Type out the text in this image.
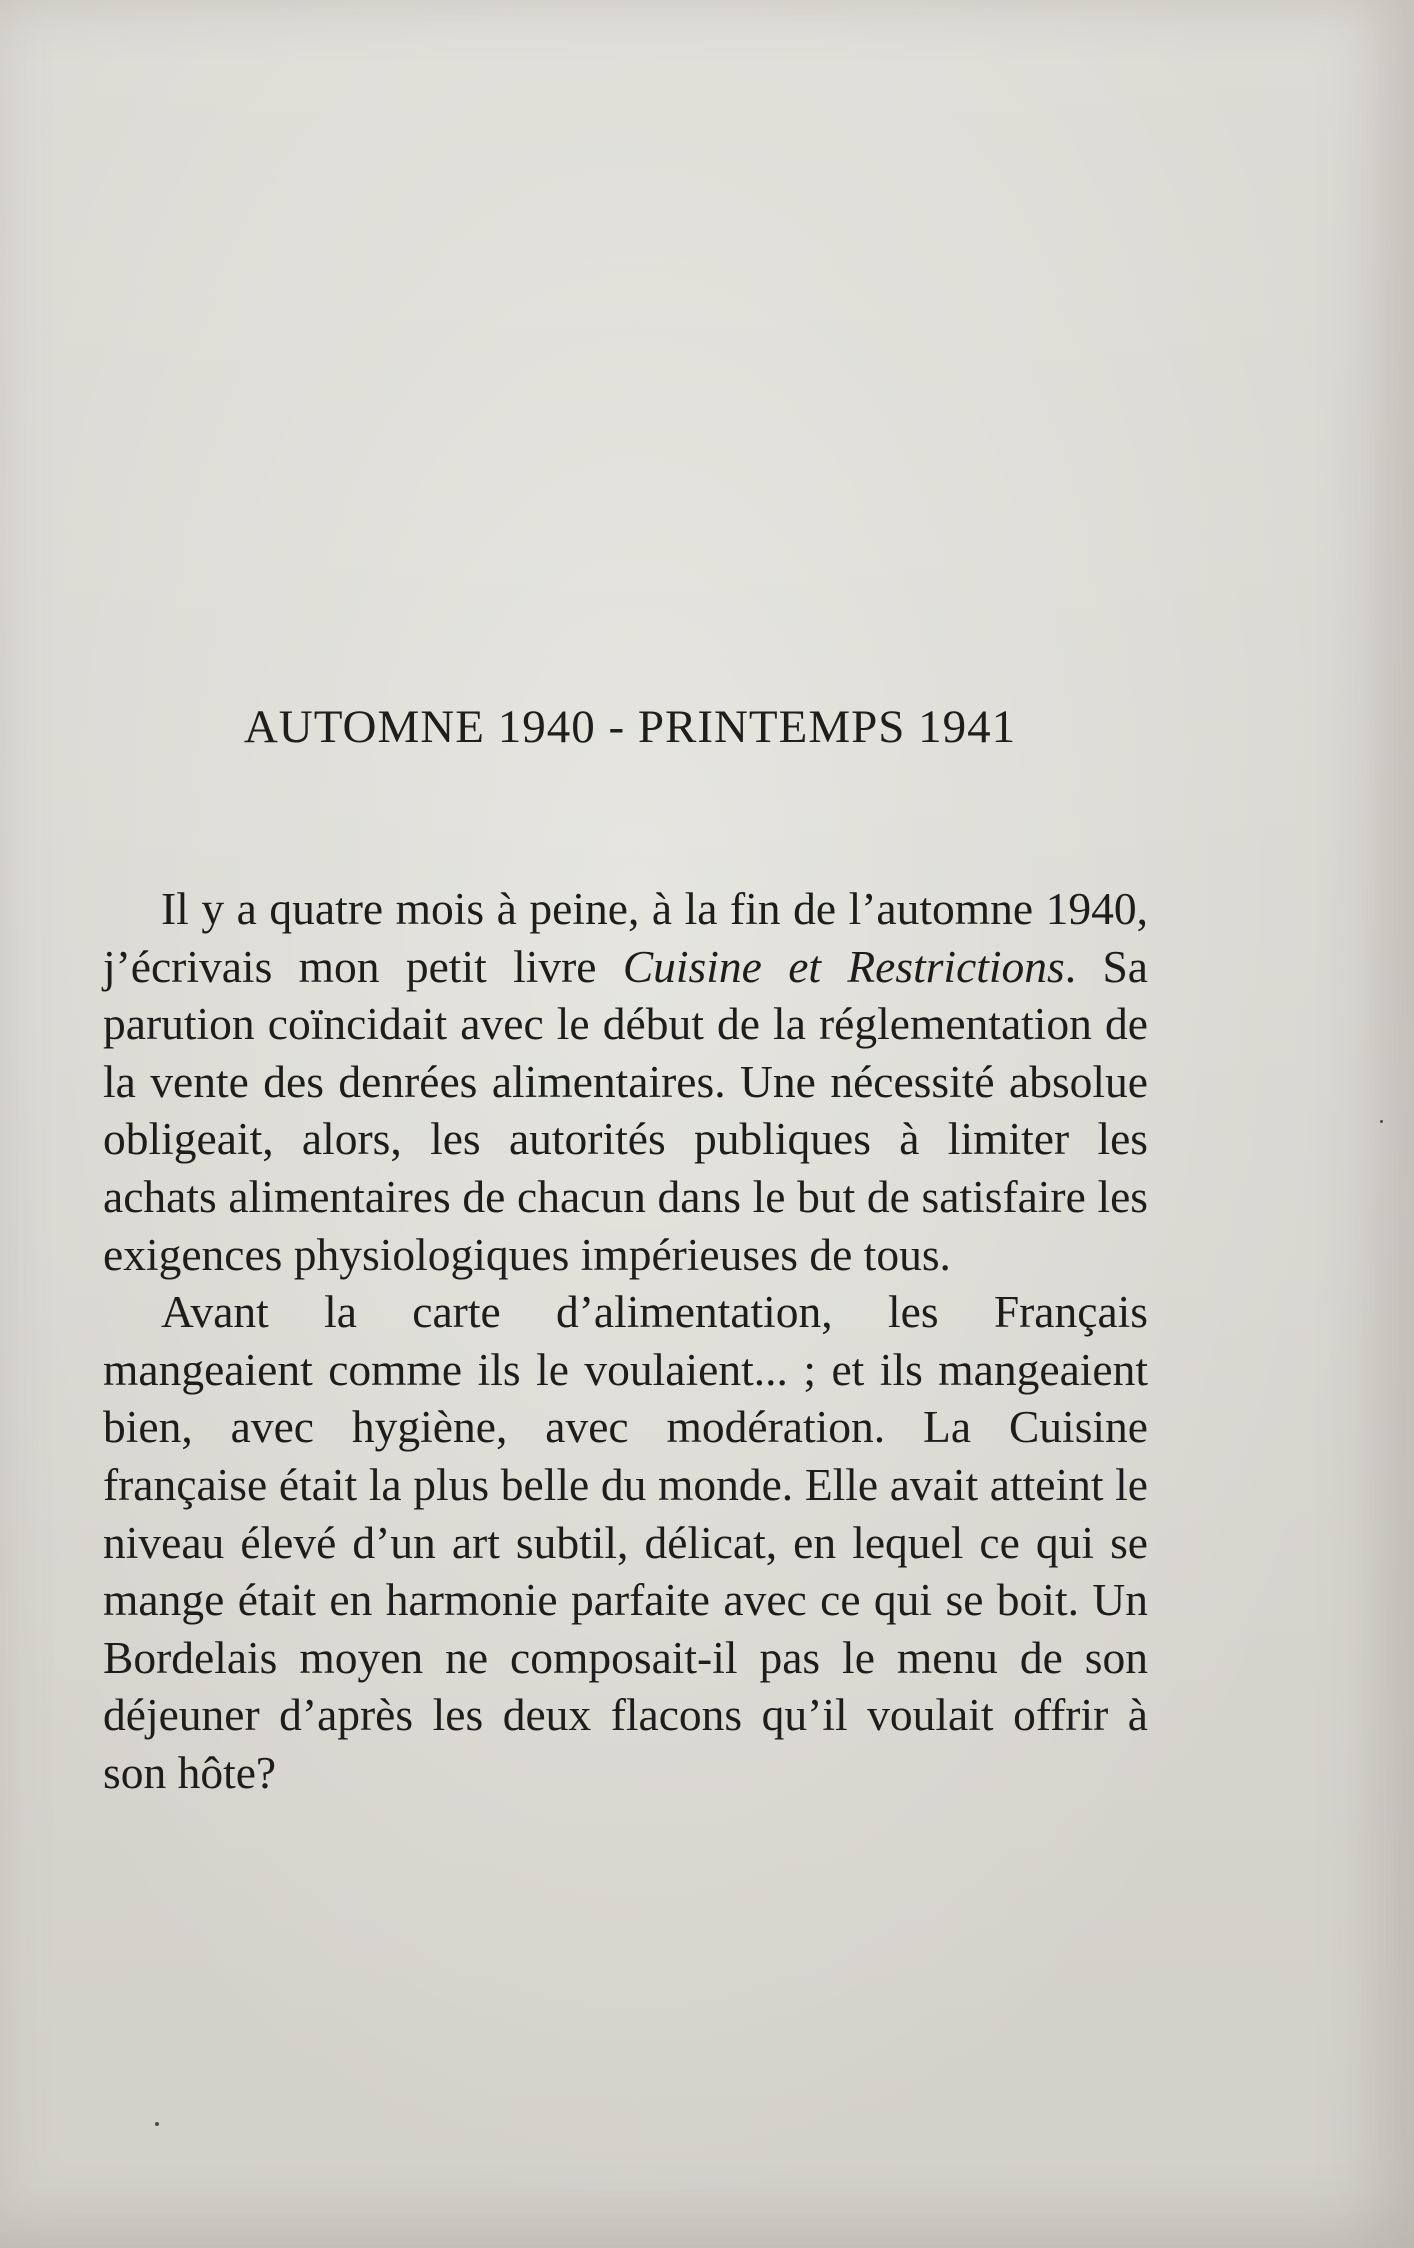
AUTOMNE 1940 - PRINTEMPS 1941

Il y a quatre mois à peine, à la fin de l’automne 1940, j’écrivais mon petit livre Cuisine et Restrictions. Sa parution coïncidait avec le début de la réglementation de la vente des denrées alimentaires. Une nécessité absolue obligeait, alors, les autorités publiques à limiter les achats alimentaires de chacun dans le but de satisfaire les exigences physiologiques impérieuses de tous.

Avant la carte d’alimentation, les Français mangeaient comme ils le voulaient... ; et ils mangeaient bien, avec hygiène, avec modération. La Cuisine française était la plus belle du monde. Elle avait atteint le niveau élevé d’un art subtil, délicat, en lequel ce qui se mange était en harmonie parfaite avec ce qui se boit. Un Bordelais moyen ne composait-il pas le menu de son déjeuner d’après les deux flacons qu’il voulait offrir à son hôte?
